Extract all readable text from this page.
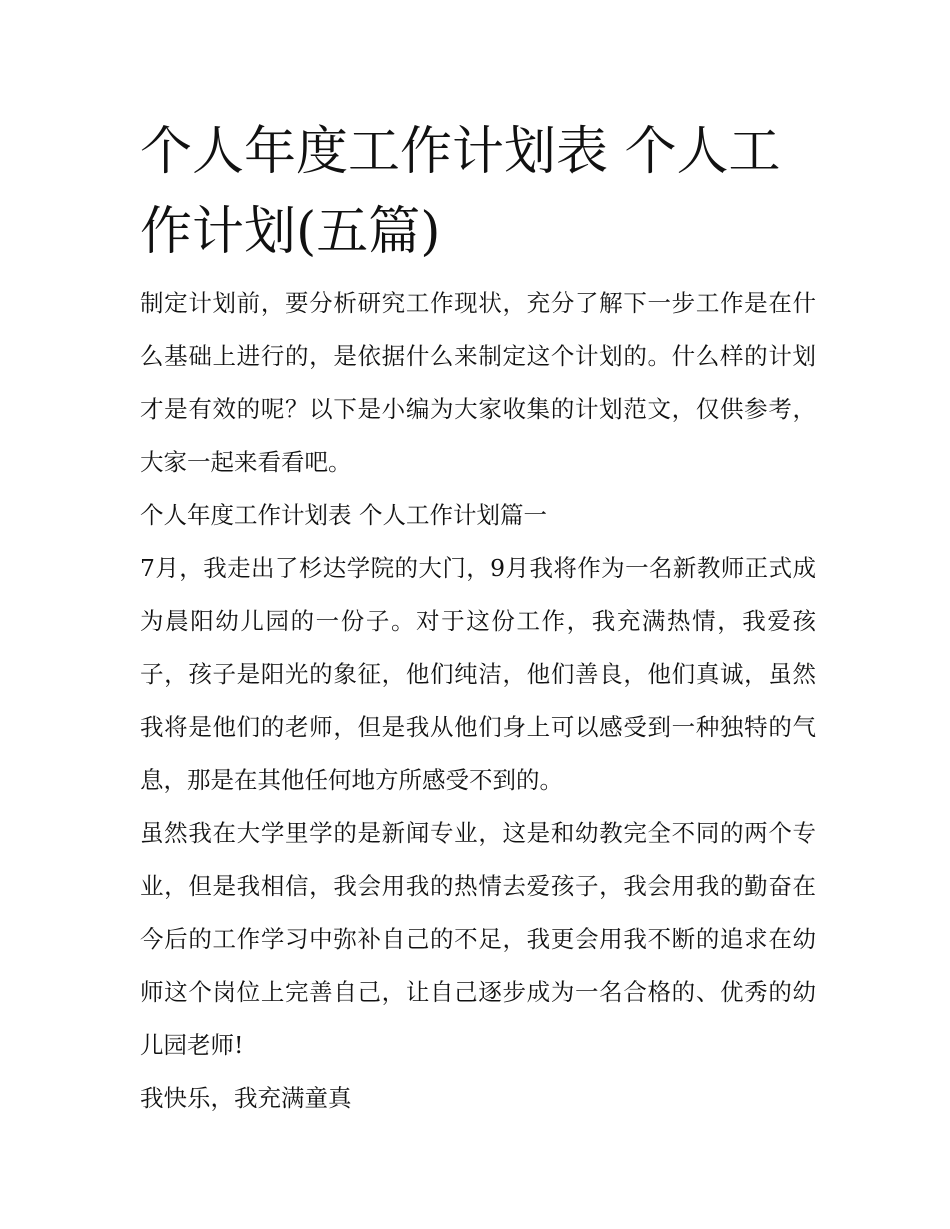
个人年度工作计划表 个人工作计划(五篇)

制定计划前，要分析研究工作现状，充分了解下一步工作是在什么基础上进行的，是依据什么来制定这个计划的。什么样的计划才是有效的呢？以下是小编为大家收集的计划范文，仅供参考，大家一起来看看吧。

个人年度工作计划表 个人工作计划篇一

7月，我走出了杉达学院的大门，9月我将作为一名新教师正式成为晨阳幼儿园的一份子。对于这份工作，我充满热情，我爱孩子，孩子是阳光的象征，他们纯洁，他们善良，他们真诚，虽然我将是他们的老师，但是我从他们身上可以感受到一种独特的气息，那是在其他任何地方所感受不到的。

虽然我在大学里学的是新闻专业，这是和幼教完全不同的两个专业，但是我相信，我会用我的热情去爱孩子，我会用我的勤奋在今后的工作学习中弥补自己的不足，我更会用我不断的追求在幼师这个岗位上完善自己，让自己逐步成为一名合格的、优秀的幼儿园老师!

我快乐，我充满童真
